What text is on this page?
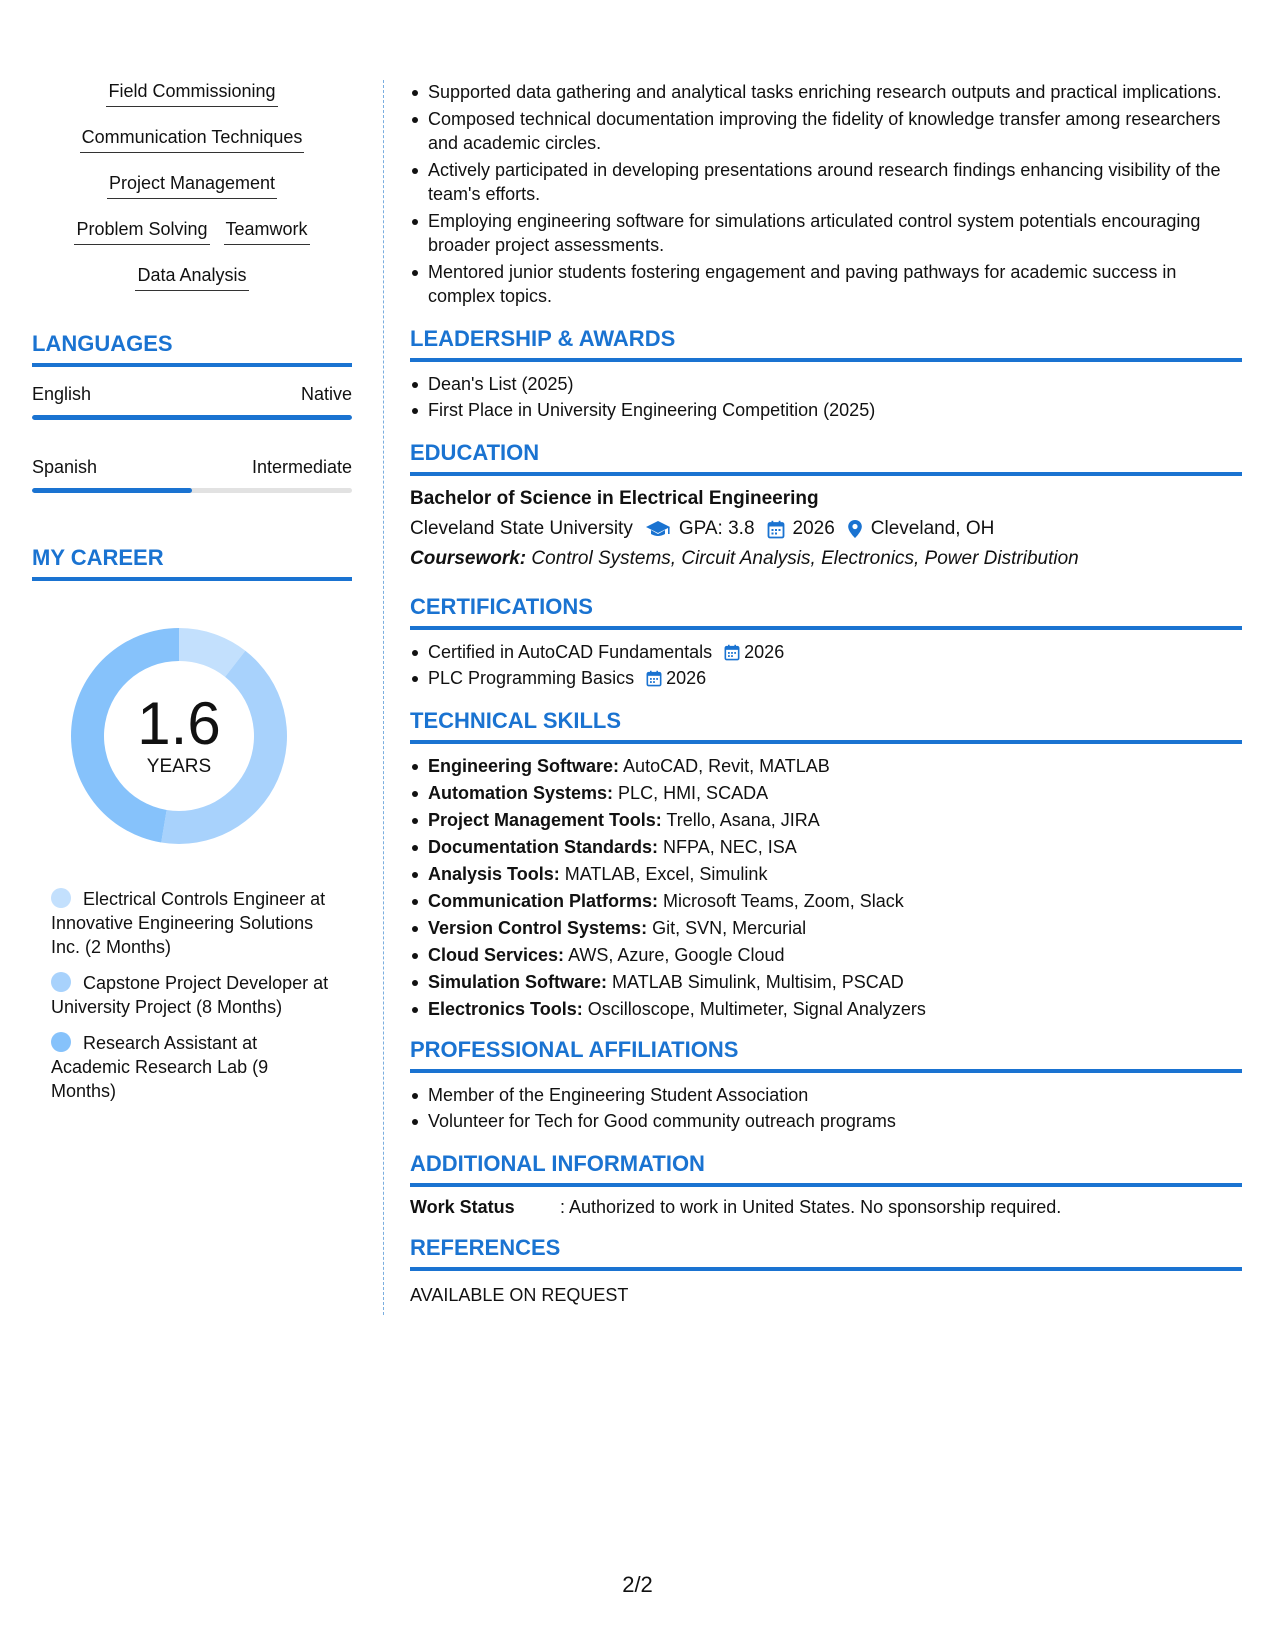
Field Commissioning
Communication Techniques
Project Management
Problem Solving Teamwork
Data Analysis
LANGUAGES
English	Native
Spanish	Intermediate
MY CAREER
1.6
YEARS
Electrical Controls Engineer at Innovative Engineering Solutions Inc. (2 Months)
Capstone Project Developer at University Project (8 Months)
Research Assistant at Academic Research Lab (9 Months)
Supported data gathering and analytical tasks enriching research outputs and practical implications.
Composed technical documentation improving the fidelity of knowledge transfer among researchers and academic circles.
Actively participated in developing presentations around research findings enhancing visibility of the team's efforts.
Employing engineering software for simulations articulated control system potentials encouraging broader project assessments.
Mentored junior students fostering engagement and paving pathways for academic success in complex topics.
LEADERSHIP & AWARDS
Dean's List (2025)
First Place in University Engineering Competition (2025)
EDUCATION
Bachelor of Science in Electrical Engineering
Cleveland State University GPA: 3.8 2026 Cleveland, OH
Coursework: Control Systems, Circuit Analysis, Electronics, Power Distribution
CERTIFICATIONS
Certified in AutoCAD Fundamentals 2026
PLC Programming Basics 2026
TECHNICAL SKILLS
Engineering Software: AutoCAD, Revit, MATLAB
Automation Systems: PLC, HMI, SCADA
Project Management Tools: Trello, Asana, JIRA
Documentation Standards: NFPA, NEC, ISA
Analysis Tools: MATLAB, Excel, Simulink
Communication Platforms: Microsoft Teams, Zoom, Slack
Version Control Systems: Git, SVN, Mercurial
Cloud Services: AWS, Azure, Google Cloud
Simulation Software: MATLAB Simulink, Multisim, PSCAD
Electronics Tools: Oscilloscope, Multimeter, Signal Analyzers
PROFESSIONAL AFFILIATIONS
Member of the Engineering Student Association
Volunteer for Tech for Good community outreach programs
ADDITIONAL INFORMATION
Work Status	: Authorized to work in United States. No sponsorship required.
REFERENCES
AVAILABLE ON REQUEST
2/2
